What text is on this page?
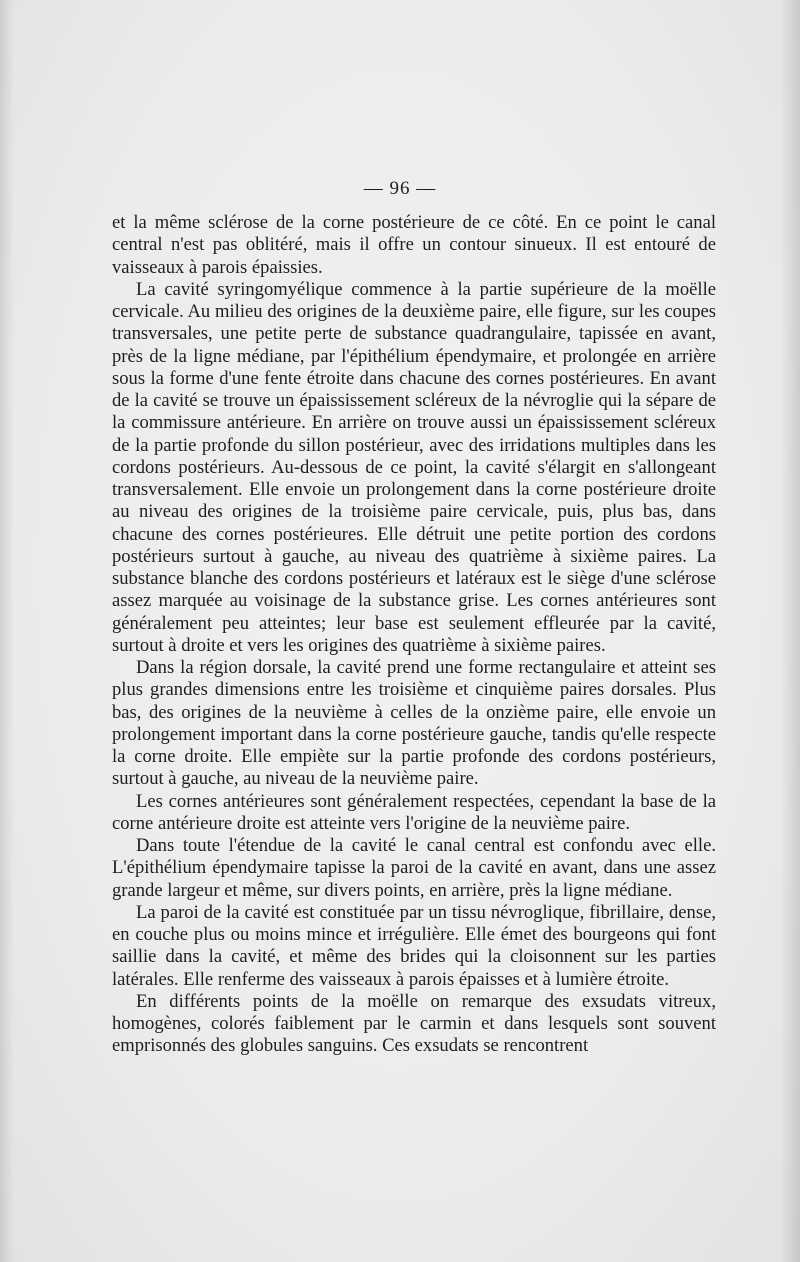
— 96 —

et la même sclérose de la corne postérieure de ce côté. En ce point le canal central n'est pas oblitéré, mais il offre un contour sinueux. Il est entouré de vaisseaux à parois épaissies.

La cavité syringomyélique commence à la partie supérieure de la moëlle cervicale. Au milieu des origines de la deuxième paire, elle figure, sur les coupes transversales, une petite perte de substance quadrangulaire, tapissée en avant, près de la ligne médiane, par l'épithélium épendymaire, et prolongée en arrière sous la forme d'une fente étroite dans chacune des cornes postérieures. En avant de la cavité se trouve un épaississement scléreux de la névroglie qui la sépare de la commissure antérieure. En arrière on trouve aussi un épaississement scléreux de la partie profonde du sillon postérieur, avec des irridations multiples dans les cordons postérieurs. Au-dessous de ce point, la cavité s'élargit en s'allongeant transversalement. Elle envoie un prolongement dans la corne postérieure droite au niveau des origines de la troisième paire cervicale, puis, plus bas, dans chacune des cornes postérieures. Elle détruit une petite portion des cordons postérieurs surtout à gauche, au niveau des quatrième à sixième paires. La substance blanche des cordons postérieurs et latéraux est le siège d'une sclérose assez marquée au voisinage de la substance grise. Les cornes antérieures sont généralement peu atteintes; leur base est seulement effleurée par la cavité, surtout à droite et vers les origines des quatrième à sixième paires.

Dans la région dorsale, la cavité prend une forme rectangulaire et atteint ses plus grandes dimensions entre les troisième et cinquième paires dorsales. Plus bas, des origines de la neuvième à celles de la onzième paire, elle envoie un prolongement important dans la corne postérieure gauche, tandis qu'elle respecte la corne droite. Elle empiète sur la partie profonde des cordons postérieurs, surtout à gauche, au niveau de la neuvième paire.

Les cornes antérieures sont généralement respectées, cependant la base de la corne antérieure droite est atteinte vers l'origine de la neuvième paire.

Dans toute l'étendue de la cavité le canal central est confondu avec elle. L'épithélium épendymaire tapisse la paroi de la cavité en avant, dans une assez grande largeur et même, sur divers points, en arrière, près la ligne médiane.

La paroi de la cavité est constituée par un tissu névroglique, fibrillaire, dense, en couche plus ou moins mince et irrégulière. Elle émet des bourgeons qui font saillie dans la cavité, et même des brides qui la cloisonnent sur les parties latérales. Elle renferme des vaisseaux à parois épaisses et à lumière étroite.

En différents points de la moëlle on remarque des exsudats vitreux, homogènes, colorés faiblement par le carmin et dans lesquels sont souvent emprisonnés des globules sanguins. Ces exsudats se rencontrent
